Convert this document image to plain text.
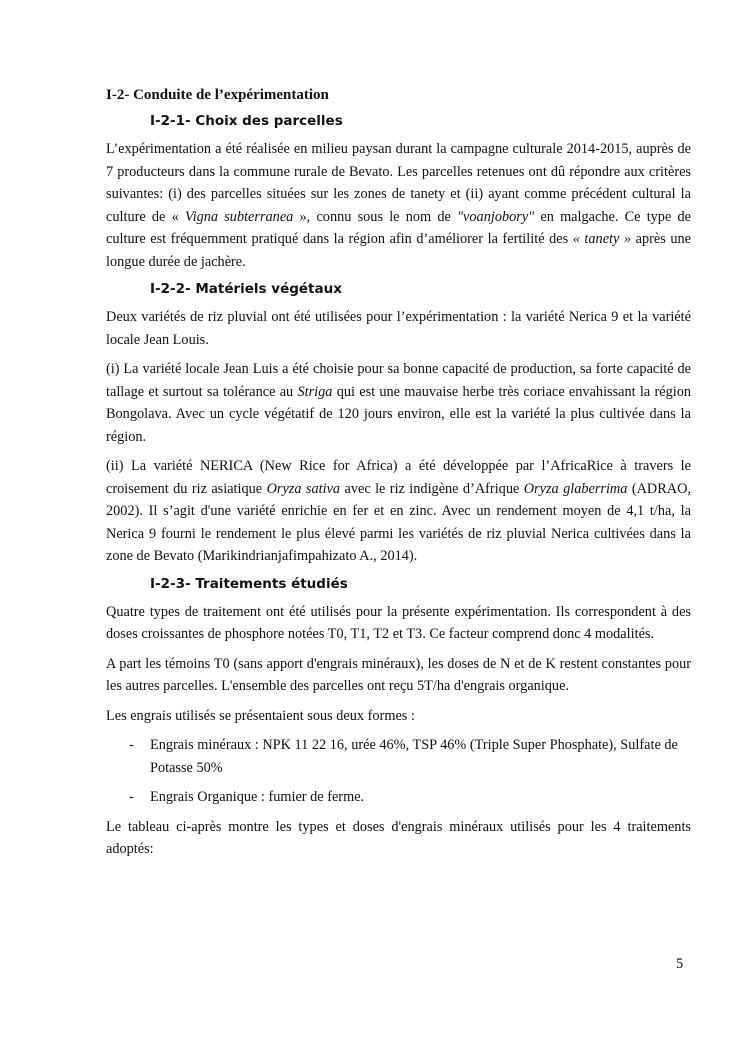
I-2- Conduite de l’expérimentation
I-2-1- Choix des parcelles

L’expérimentation a été réalisée en milieu paysan durant la campagne culturale 2014-2015, auprès de 7 producteurs dans la commune rurale de Bevato. Les parcelles retenues ont dû répondre aux critères suivantes: (i) des parcelles situées sur les zones de tanety et (ii) ayant comme précédent cultural la culture de « Vigna subterranea », connu sous le nom de "voanjobory" en malgache. Ce type de culture est fréquemment pratiqué dans la région afin d’améliorer la fertilité des « tanety » après une longue durée de jachère.

I-2-2- Matériels végétaux

Deux variétés de riz pluvial ont été utilisées pour l’expérimentation : la variété Nerica 9 et la variété locale Jean Louis.

(i) La variété locale Jean Luis a été choisie pour sa bonne capacité de production, sa forte capacité de tallage et surtout sa tolérance au Striga qui est une mauvaise herbe très coriace envahissant la région Bongolava. Avec un cycle végétatif de 120 jours environ, elle est la variété la plus cultivée dans la région.

(ii) La variété NERICA (New Rice for Africa) a été développée par l’AfricaRice à travers le croisement du riz asiatique Oryza sativa avec le riz indigène d’Afrique Oryza glaberrima (ADRAO, 2002). Il s’agit d'une variété enrichie en fer et en zinc. Avec un rendement moyen de 4,1 t/ha, la Nerica 9 fourni le rendement le plus élevé parmi les variétés de riz pluvial Nerica cultivées dans la zone de Bevato (Marikindrianjafimpahizato A., 2014).

I-2-3- Traitements étudiés

Quatre types de traitement ont été utilisés pour la présente expérimentation. Ils correspondent à des doses croissantes de phosphore notées T0, T1, T2 et T3. Ce facteur comprend donc 4 modalités.

A part les témoins T0 (sans apport d'engrais minéraux), les doses de N et de K restent constantes pour les autres parcelles. L'ensemble des parcelles ont reçu 5T/ha d'engrais organique.

Les engrais utilisés se présentaient sous deux formes :

- Engrais minéraux : NPK 11 22 16, urée 46%, TSP 46% (Triple Super Phosphate), Sulfate de Potasse 50%
- Engrais Organique : fumier de ferme.

Le tableau ci-après montre les types et doses d'engrais minéraux utilisés pour les 4 traitements adoptés:

5
